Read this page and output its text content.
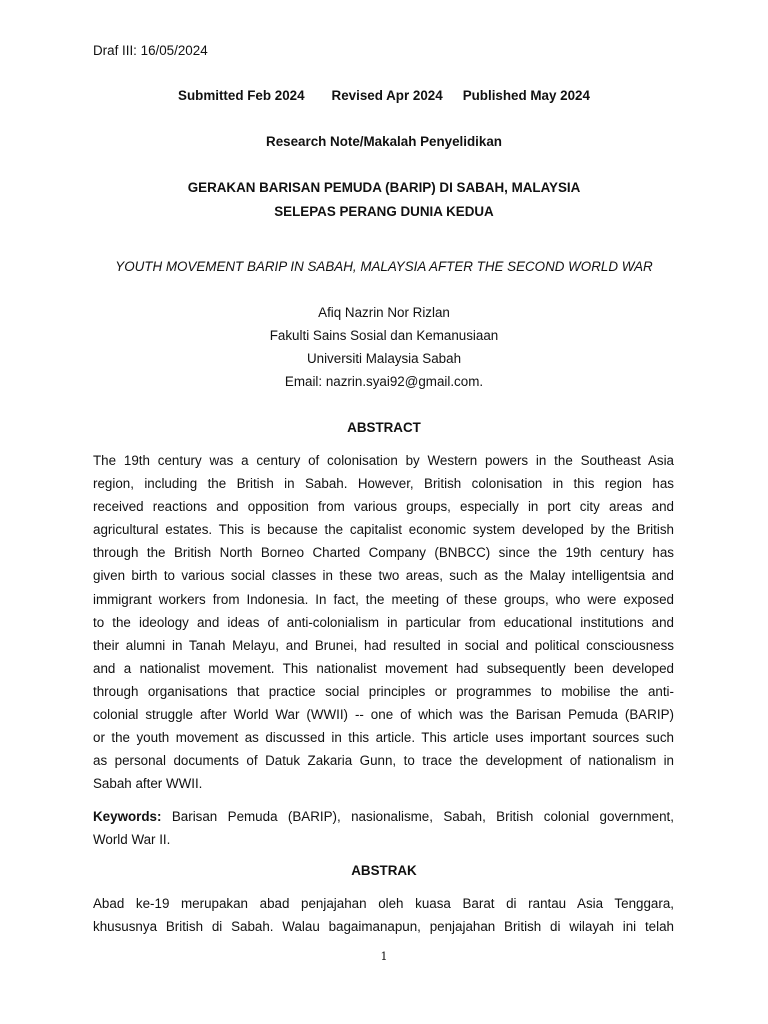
Draf III: 16/05/2024
Submitted Feb 2024 Revised Apr 2024 Published May 2024
Research Note/Makalah Penyelidikan
GERAKAN BARISAN PEMUDA (BARIP) DI SABAH, MALAYSIA
SELEPAS PERANG DUNIA KEDUA
YOUTH MOVEMENT BARIP IN SABAH, MALAYSIA AFTER THE SECOND WORLD WAR
Afiq Nazrin Nor Rizlan
Fakulti Sains Sosial dan Kemanusiaan
Universiti Malaysia Sabah
Email: nazrin.syai92@gmail.com.
ABSTRACT
The 19th century was a century of colonisation by Western powers in the Southeast Asia
region, including the British in Sabah. However, British colonisation in this region has
received reactions and opposition from various groups, especially in port city areas and
agricultural estates. This is because the capitalist economic system developed by the British
through the British North Borneo Charted Company (BNBCC) since the 19th century has
given birth to various social classes in these two areas, such as the Malay intelligentsia and
immigrant workers from Indonesia. In fact, the meeting of these groups, who were exposed
to the ideology and ideas of anti-colonialism in particular from educational institutions and
their alumni in Tanah Melayu, and Brunei, had resulted in social and political consciousness
and a nationalist movement. This nationalist movement had subsequently been developed
through organisations that practice social principles or programmes to mobilise the anti-
colonial struggle after World War (WWII) -- one of which was the Barisan Pemuda (BARIP)
or the youth movement as discussed in this article. This article uses important sources such
as personal documents of Datuk Zakaria Gunn, to trace the development of nationalism in
Sabah after WWII.
Keywords: Barisan Pemuda (BARIP), nasionalisme, Sabah, British colonial government,
World War II.
ABSTRAK
Abad ke-19 merupakan abad penjajahan oleh kuasa Barat di rantau Asia Tenggara,
khususnya British di Sabah. Walau bagaimanapun, penjajahan British di wilayah ini telah
1
